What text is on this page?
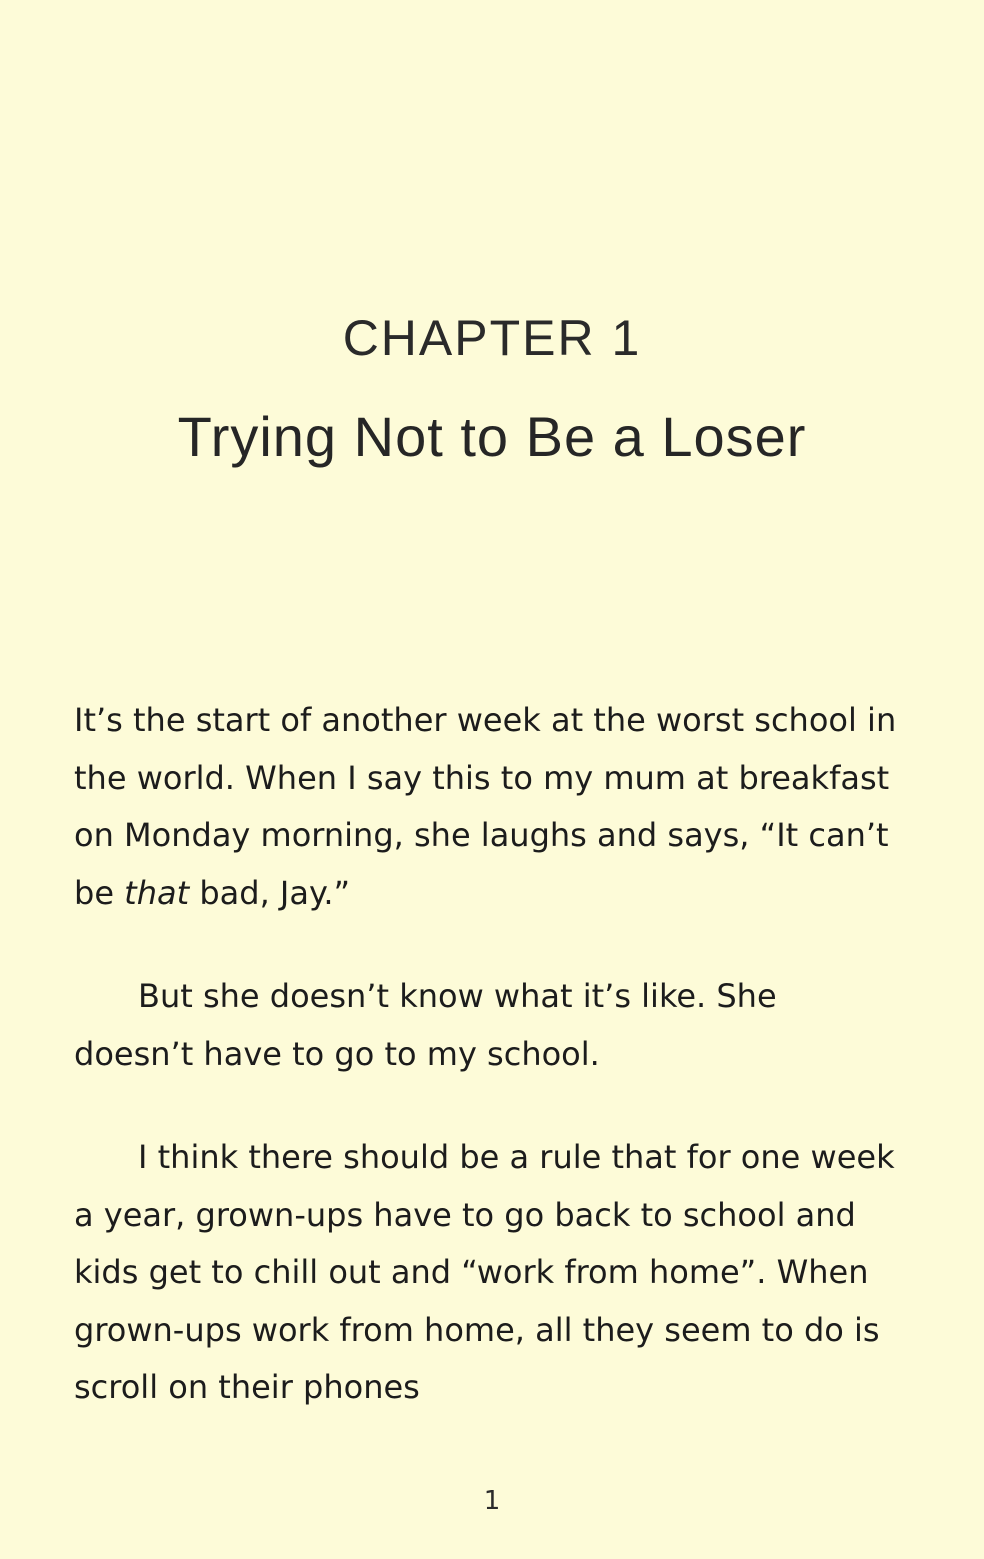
CHAPTER 1
Trying Not to Be a Loser

It’s the start of another week at the worst school in the world. When I say this to my mum at breakfast on Monday morning, she laughs and says, “It can’t be that bad, Jay.”

But she doesn’t know what it’s like. She doesn’t have to go to my school.

I think there should be a rule that for one week a year, grown-ups have to go back to school and kids get to chill out and “work from home”. When grown-ups work from home, all they seem to do is scroll on their phones

1
